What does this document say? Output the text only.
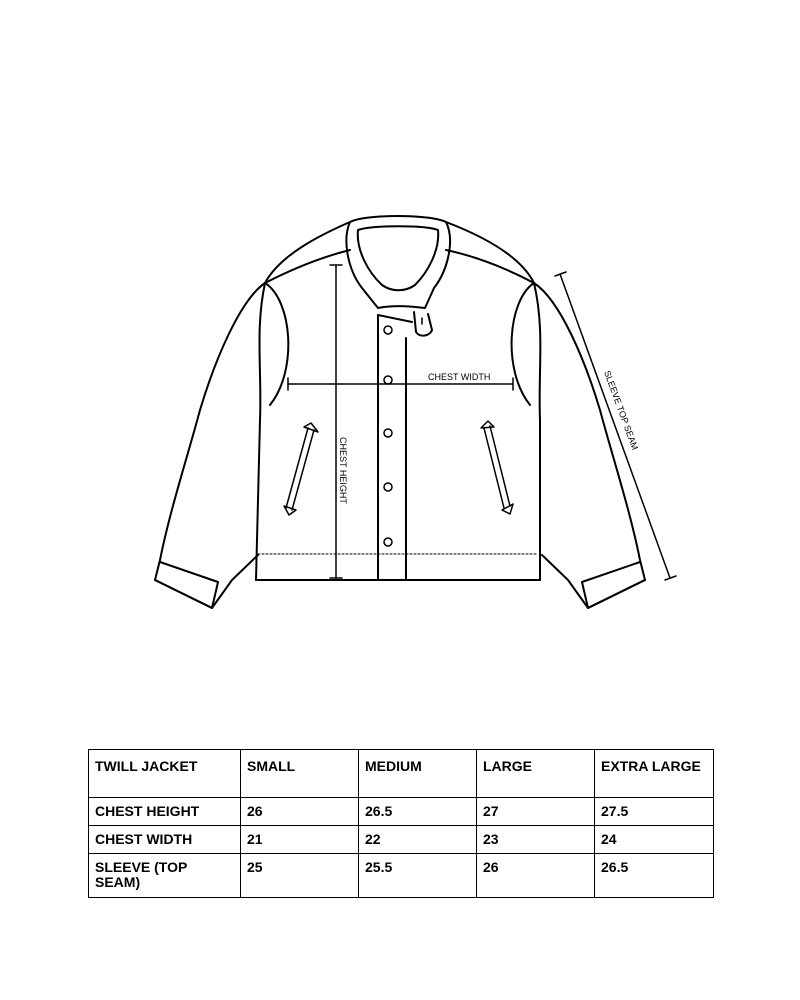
CHEST WIDTH
CHEST HEIGHT
SLEEVE TOP SEAM
TWILL JACKET	SMALL	MEDIUM	LARGE	EXTRA LARGE
CHEST HEIGHT	26	26.5	27	27.5
CHEST WIDTH	21	22	23	24
SLEEVE (TOP SEAM)	25	25.5	26	26.5
